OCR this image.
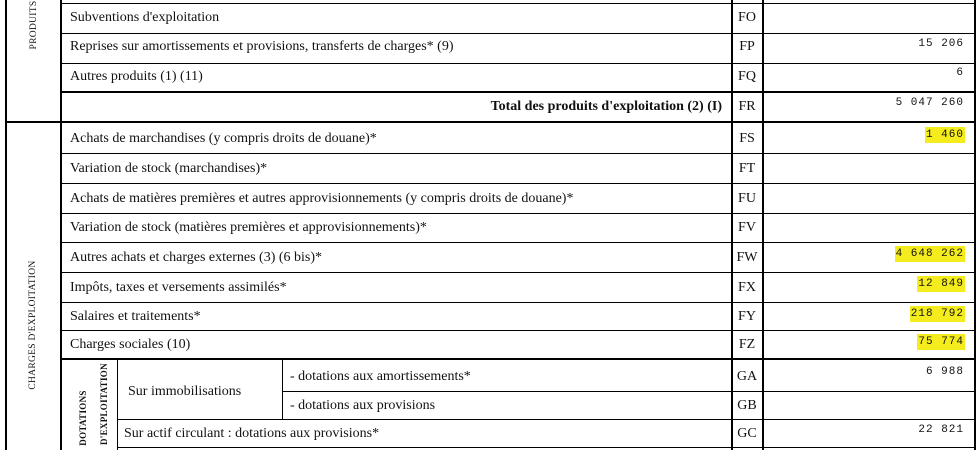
PRODUITS
CHARGES D'EXPLOITATION
DOTATIONS D'EXPLOITATION
Subventions d'exploitation	FO
Reprises sur amortissements et provisions, transferts de charges* (9)	FP	15 206
Autres produits (1) (11)	FQ	6
Total des produits d'exploitation (2) (I)	FR	5 047 260
Achats de marchandises (y compris droits de douane)*	FS	1 460
Variation de stock (marchandises)*	FT
Achats de matières premières et autres approvisionnements (y compris droits de douane)*	FU
Variation de stock (matières premières et approvisionnements)*	FV
Autres achats et charges externes (3) (6 bis)*	FW	4 648 262
Impôts, taxes et versements assimilés*	FX	12 849
Salaires et traitements*	FY	218 792
Charges sociales (10)	FZ	75 774
Sur immobilisations
- dotations aux amortissements*	GA	6 988
- dotations aux provisions	GB
Sur actif circulant : dotations aux provisions*	GC	22 821
